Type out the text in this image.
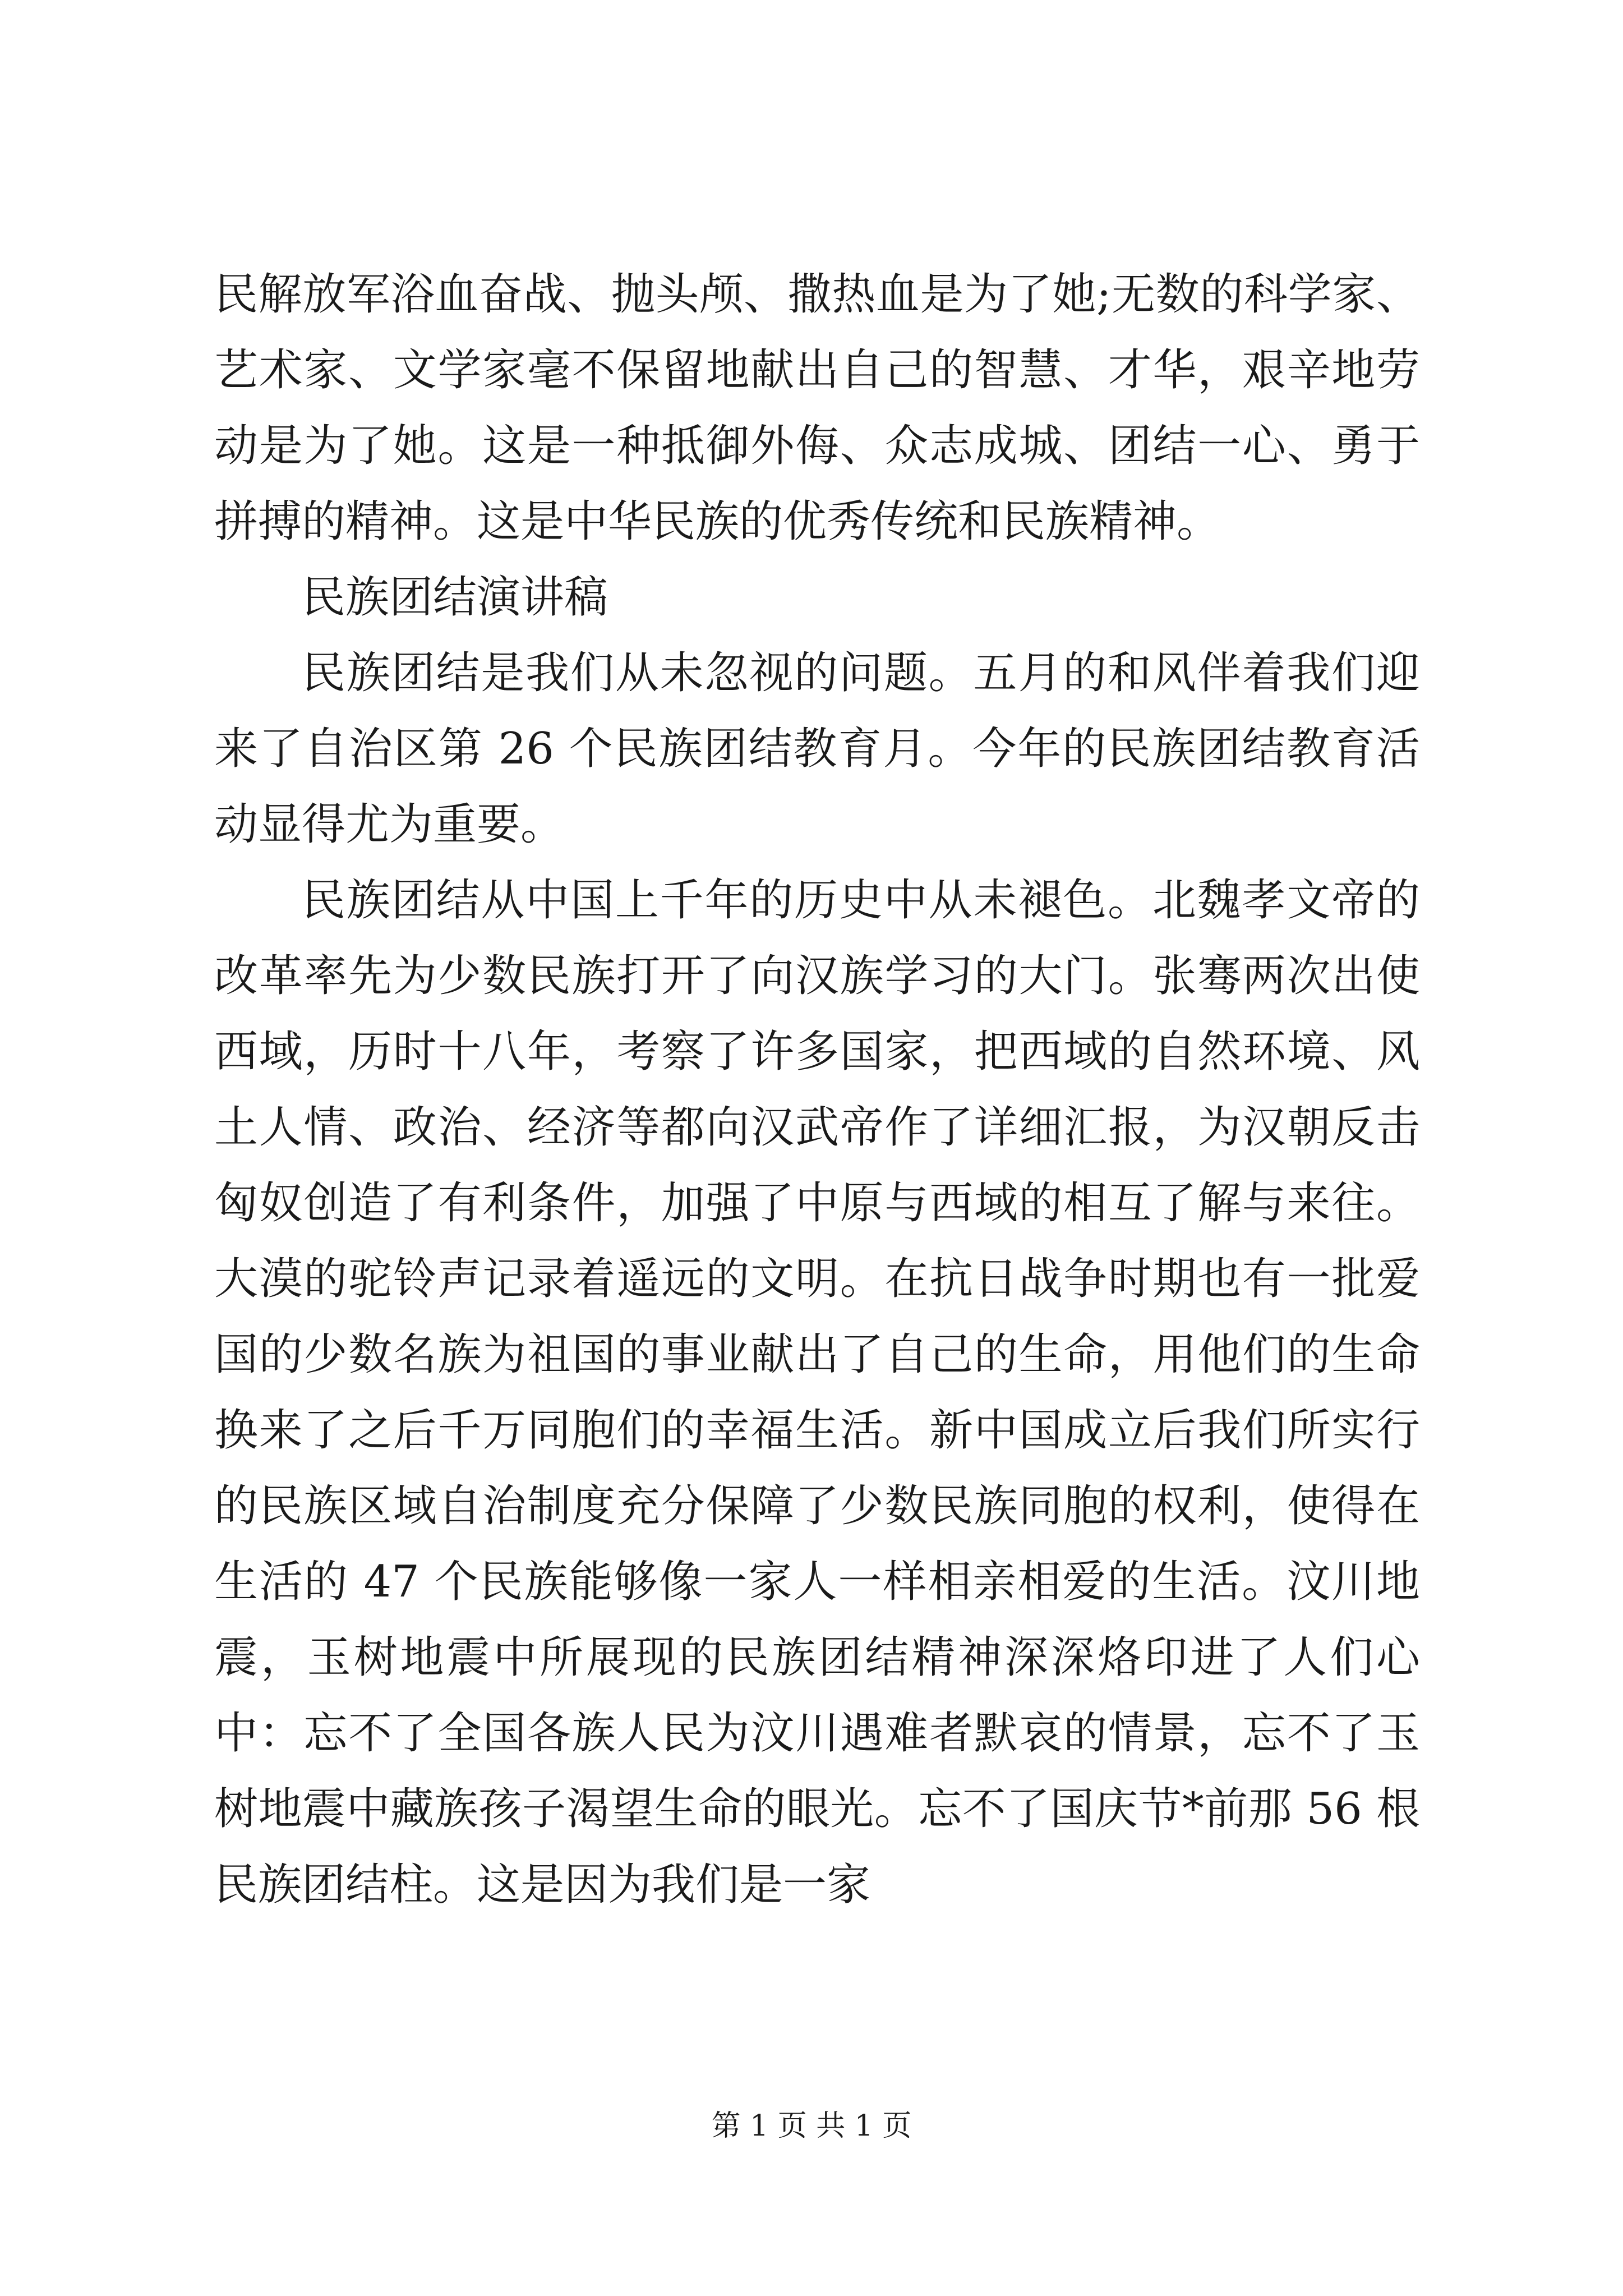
民解放军浴血奋战、抛头颅、撒热血是为了她;无数的科学家、艺术家、文学家毫不保留地献出自己的智慧、才华，艰辛地劳动是为了她。这是一种抵御外侮、众志成城、团结一心、勇于拼搏的精神。这是中华民族的优秀传统和民族精神。

民族团结演讲稿

民族团结是我们从未忽视的问题。五月的和风伴着我们迎来了自治区第 26 个民族团结教育月。今年的民族团结教育活动显得尤为重要。

民族团结从中国上千年的历史中从未褪色。北魏孝文帝的改革率先为少数民族打开了向汉族学习的大门。张骞两次出使西域，历时十八年，考察了许多国家，把西域的自然环境、风土人情、政治、经济等都向汉武帝作了详细汇报，为汉朝反击匈奴创造了有利条件，加强了中原与西域的相互了解与来往。大漠的驼铃声记录着遥远的文明。在抗日战争时期也有一批爱国的少数名族为祖国的事业献出了自己的生命，用他们的生命换来了之后千万同胞们的幸福生活。新中国成立后我们所实行的民族区域自治制度充分保障了少数民族同胞的权利，使得在生活的 47 个民族能够像一家人一样相亲相爱的生活。汶川地震，玉树地震中所展现的民族团结精神深深烙印进了人们心中：忘不了全国各族人民为汶川遇难者默哀的情景，忘不了玉树地震中藏族孩子渴望生命的眼光。忘不了国庆节*前那 56 根民族团结柱。这是因为我们是一家

第 1 页 共 1 页
